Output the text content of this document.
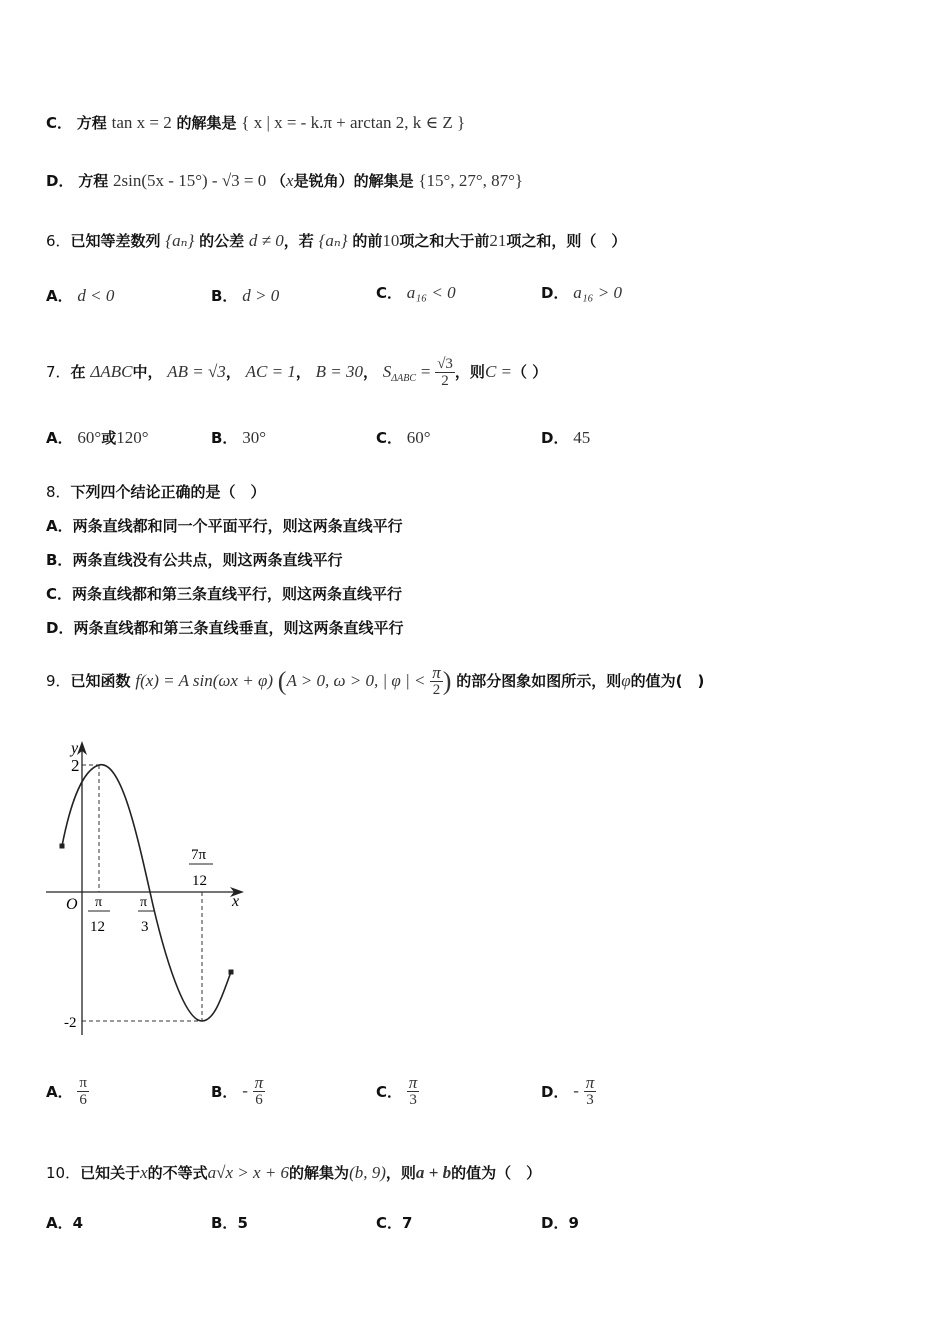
C． 方程 tan x = 2 的解集是 { x | x = - k.π + arctan 2, k ∈ Z }
D． 方程 2sin(5x - 15°) - √3 = 0 （x是锐角）的解集是 {15°, 27°, 87°}
6．已知等差数列 {aₙ} 的公差 d ≠ 0，若 {aₙ} 的前10项之和大于前21项之和，则（　）
A． d < 0	B． d > 0	C． a₁₆ < 0	D． a₁₆ > 0
7．在 ΔABC中， AB = √3， AC = 1， B = 30， $S_{\Delta ABC} = \frac{√3}{2}$ ，则C =（ ）
A． 60°或120°	B． 30°	C． 60°	D． 45
8．下列四个结论正确的是（　）
A．两条直线都和同一个平面平行，则这两条直线平行
B．两条直线没有公共点，则这两条直线平行
C．两条直线都和第三条直线平行，则这两条直线平行
D．两条直线都和第三条直线垂直，则这两条直线平行
9．已知函数 f(x) = A sin(ωx + φ) (A > 0, ω > 0, | φ | < $\frac{\pi}{2}$ ) 的部分图象如图所示，则φ的值为(　)
y
x
O
2
-2
π
12
π
3
7π
12
A． $\frac{\pi}{6}$	B． - $\frac{\pi}{6}$	C． $\frac{\pi}{3}$	D． - $\frac{\pi}{3}$
10．已知关于x的不等式a√x > x + 6的解集为(b, 9)，则a + b的值为（　）
A．4	B．5	C．7	D．9
